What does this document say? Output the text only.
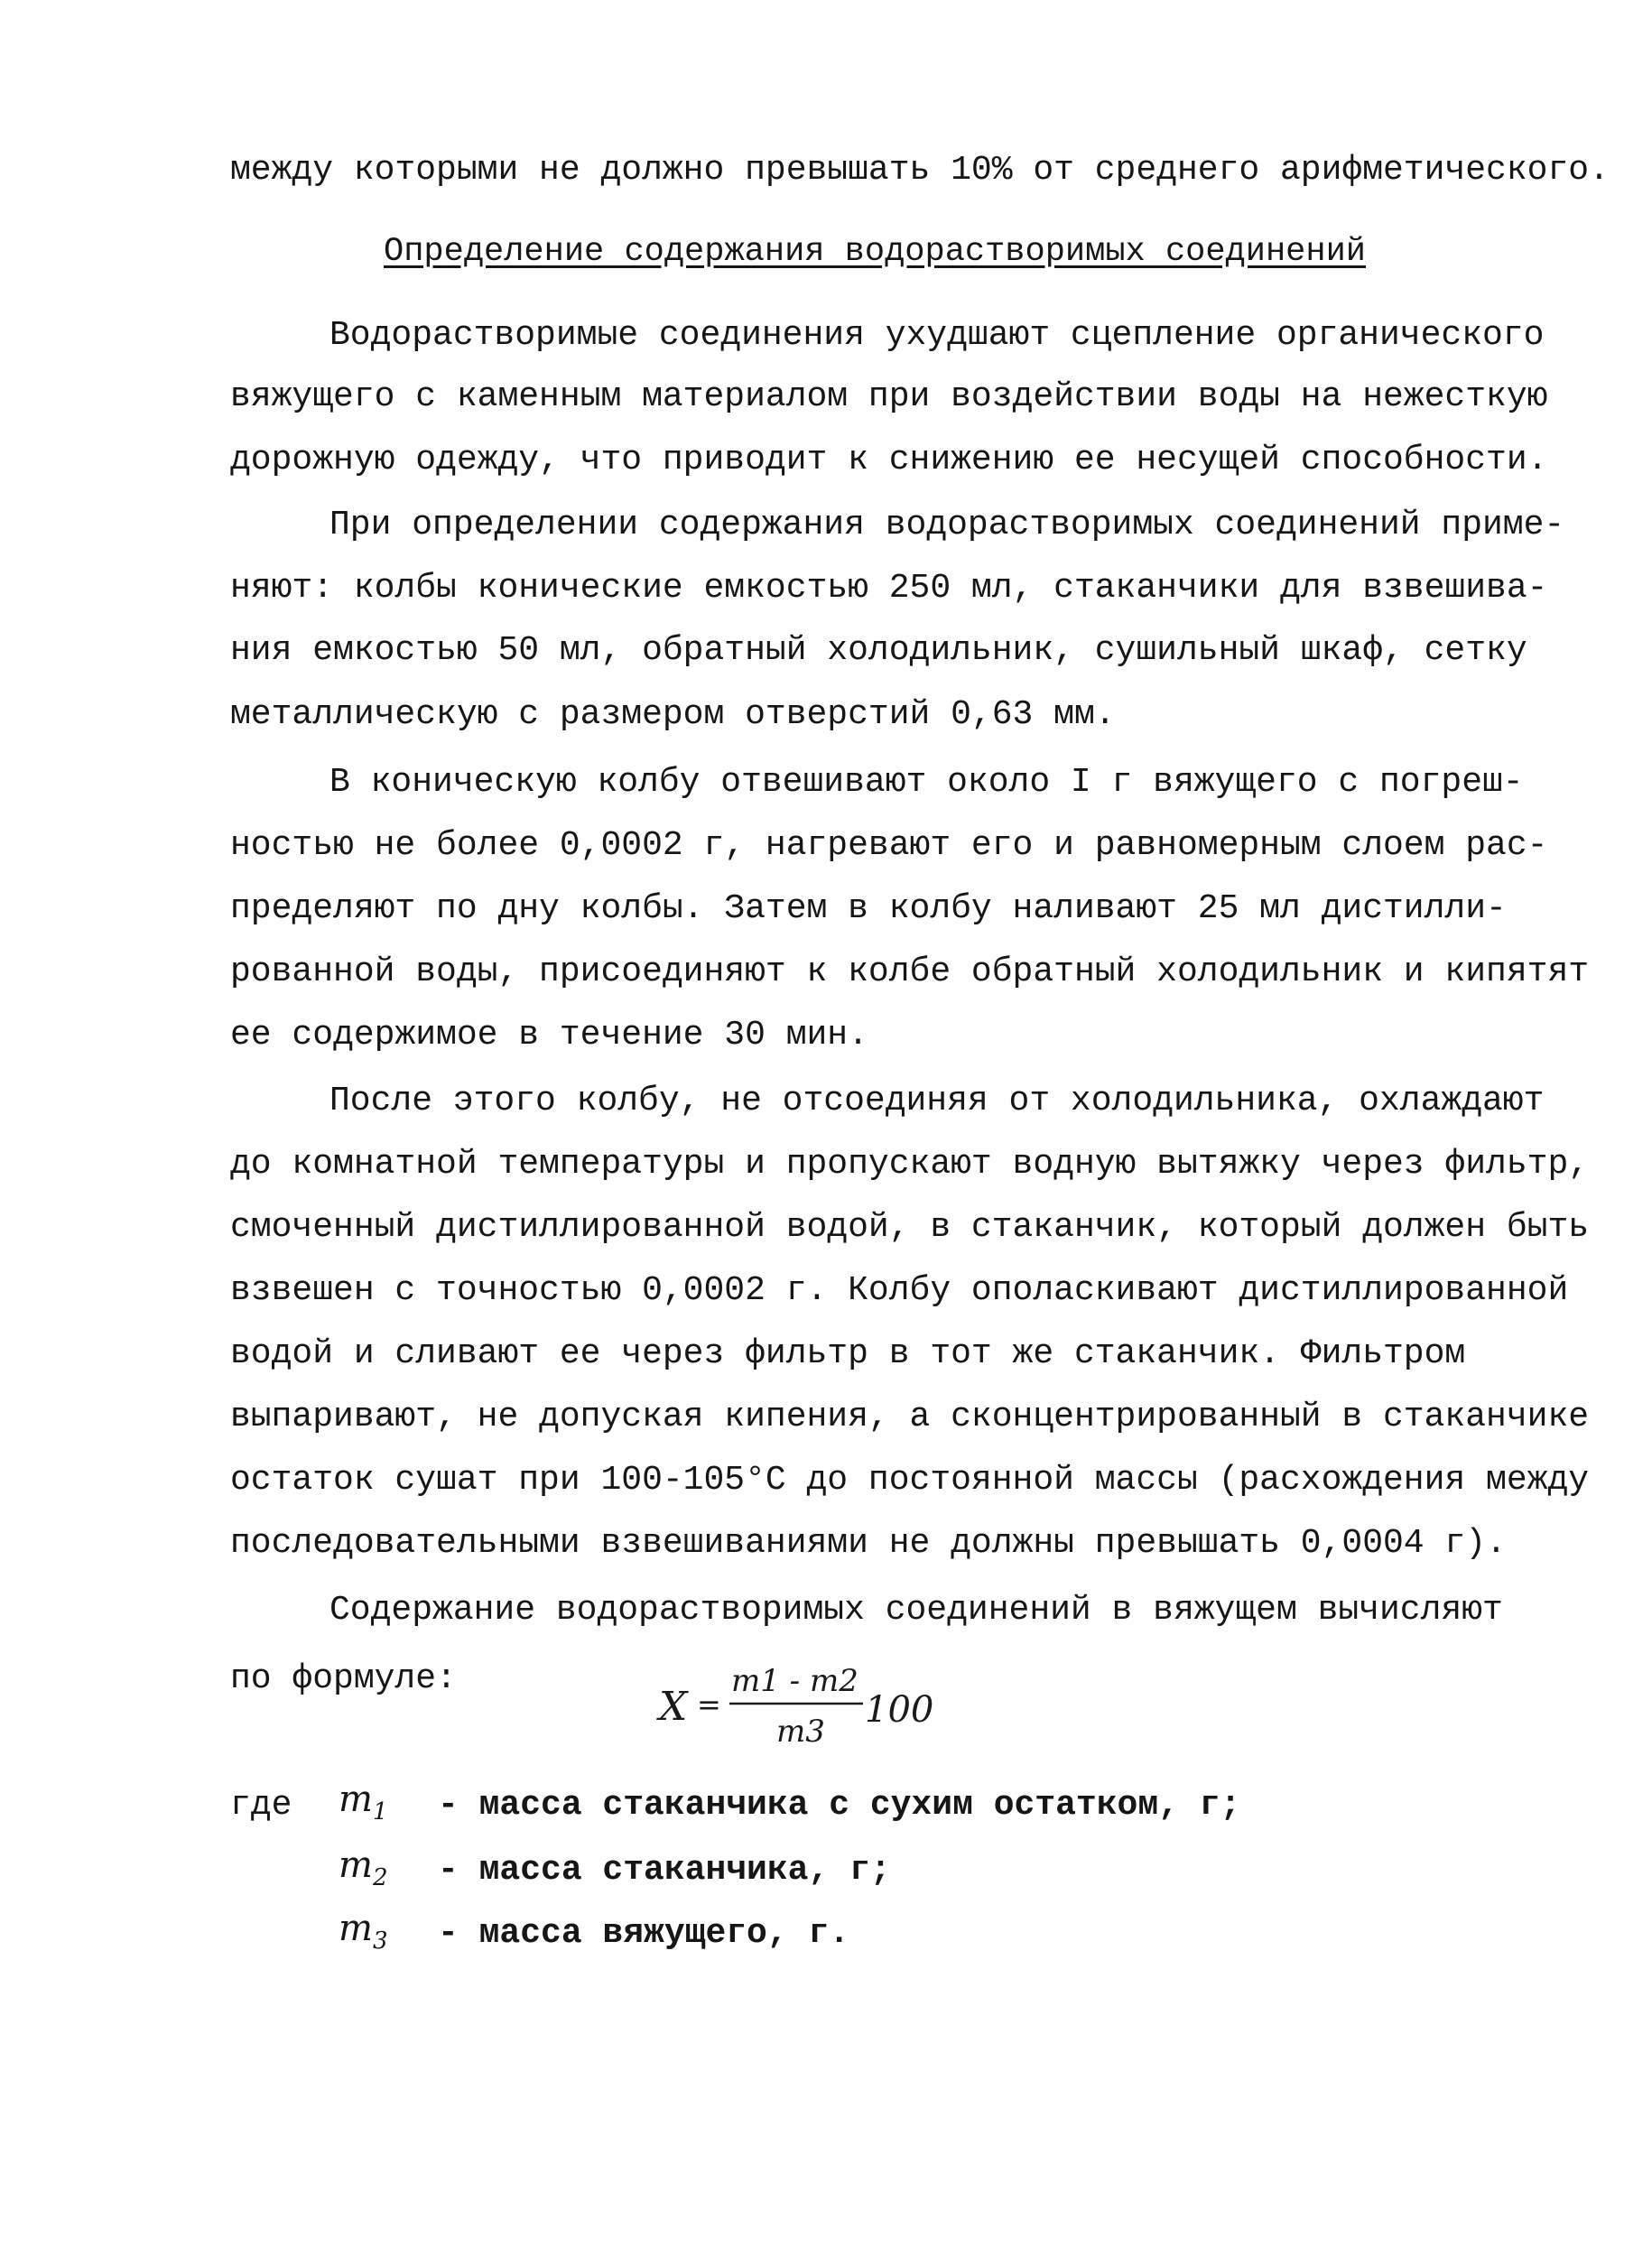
между которыми не должно превышать 10% от среднего арифметического.
Определение содержания водорастворимых соединений
Водорастворимые соединения ухудшают сцепление органического
вяжущего с каменным материалом при воздействии воды на нежесткую
дорожную одежду, что приводит к снижению ее несущей способности.
При определении содержания водорастворимых соединений приме-
няют: колбы конические емкостью 250 мл, стаканчики для взвешива-
ния емкостью 50 мл, обратный холодильник, сушильный шкаф, сетку
металлическую с размером отверстий 0,63 мм.
В коническую колбу отвешивают около I г вяжущего с погреш-
ностью не более 0,0002 г, нагревают его и равномерным слоем рас-
пределяют по дну колбы. Затем в колбу наливают 25 мл дистилли-
рованной воды, присоединяют к колбе обратный холодильник и кипятят
ее содержимое в течение 30 мин.
После этого колбу, не отсоединяя от холодильника, охлаждают
до комнатной температуры и пропускают водную вытяжку через фильтр,
смоченный дистиллированной водой, в стаканчик, который должен быть
взвешен с точностью 0,0002 г. Колбу ополаскивают дистиллированной
водой и сливают ее через фильтр в тот же стаканчик. Фильтром
выпаривают, не допуская кипения, а сконцентрированный в стаканчике
остаток сушат при 100-105°С до постоянной массы (расхождения между
последовательными взвешиваниями не должны превышать 0,0004 г).
Содержание водорастворимых соединений в вяжущем вычисляют
по формуле:
X =
m1 - m2
m3
100
где $m_1$ - масса стаканчика с сухим остатком, г;
$m_2$ - масса стаканчика, г;
$m_3$ - масса вяжущего, г.
